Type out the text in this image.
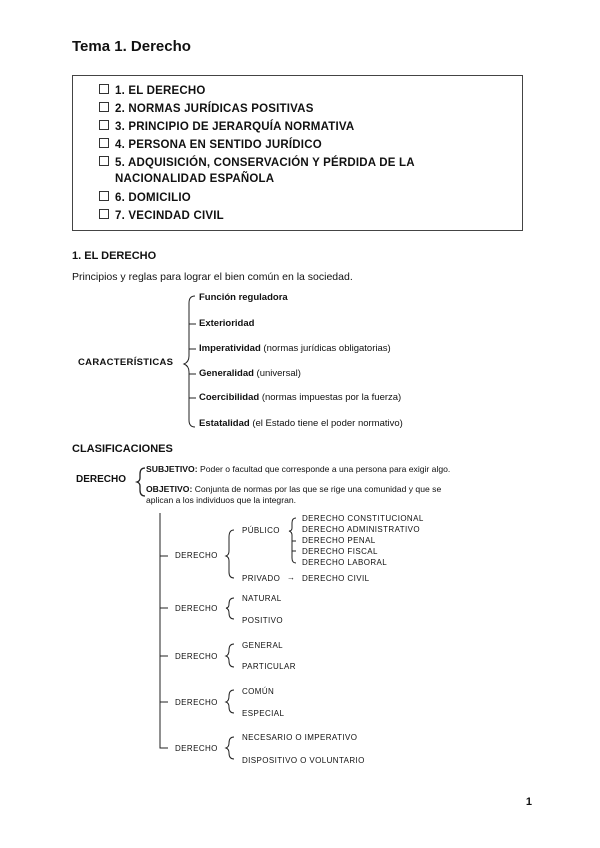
Tema 1. Derecho
1. EL DERECHO
2. NORMAS JURÍDICAS POSITIVAS
3. PRINCIPIO DE JERARQUÍA NORMATIVA
4. PERSONA EN SENTIDO JURÍDICO
5. ADQUISICIÓN, CONSERVACIÓN Y PÉRDIDA DE LA
NACIONALIDAD ESPAÑOLA
6. DOMICILIO
7. VECINDAD CIVIL
1. EL DERECHO
Principios y reglas para lograr el bien común en la sociedad.
CARACTERÍSTICAS
Función reguladora
Exterioridad
Imperatividad (normas jurídicas obligatorias)
Generalidad (universal)
Coercibilidad (normas impuestas por la fuerza)
Estatalidad (el Estado tiene el poder normativo)
CLASIFICACIONES
DERECHO
SUBJETIVO: Poder o facultad que corresponde a una persona para exigir algo.
OBJETIVO: Conjunta de normas por las que se rige una comunidad y que se
aplican a los individuos que la integran.
DERECHO
PÚBLICO
DERECHO CONSTITUCIONAL
DERECHO ADMINISTRATIVO
DERECHO PENAL
DERECHO FISCAL
DERECHO LABORAL
PRIVADO → DERECHO CIVIL
DERECHO
NATURAL
POSITIVO
DERECHO
GENERAL
PARTICULAR
DERECHO
COMÚN
ESPECIAL
DERECHO
NECESARIO O IMPERATIVO
DISPOSITIVO O VOLUNTARIO
1
